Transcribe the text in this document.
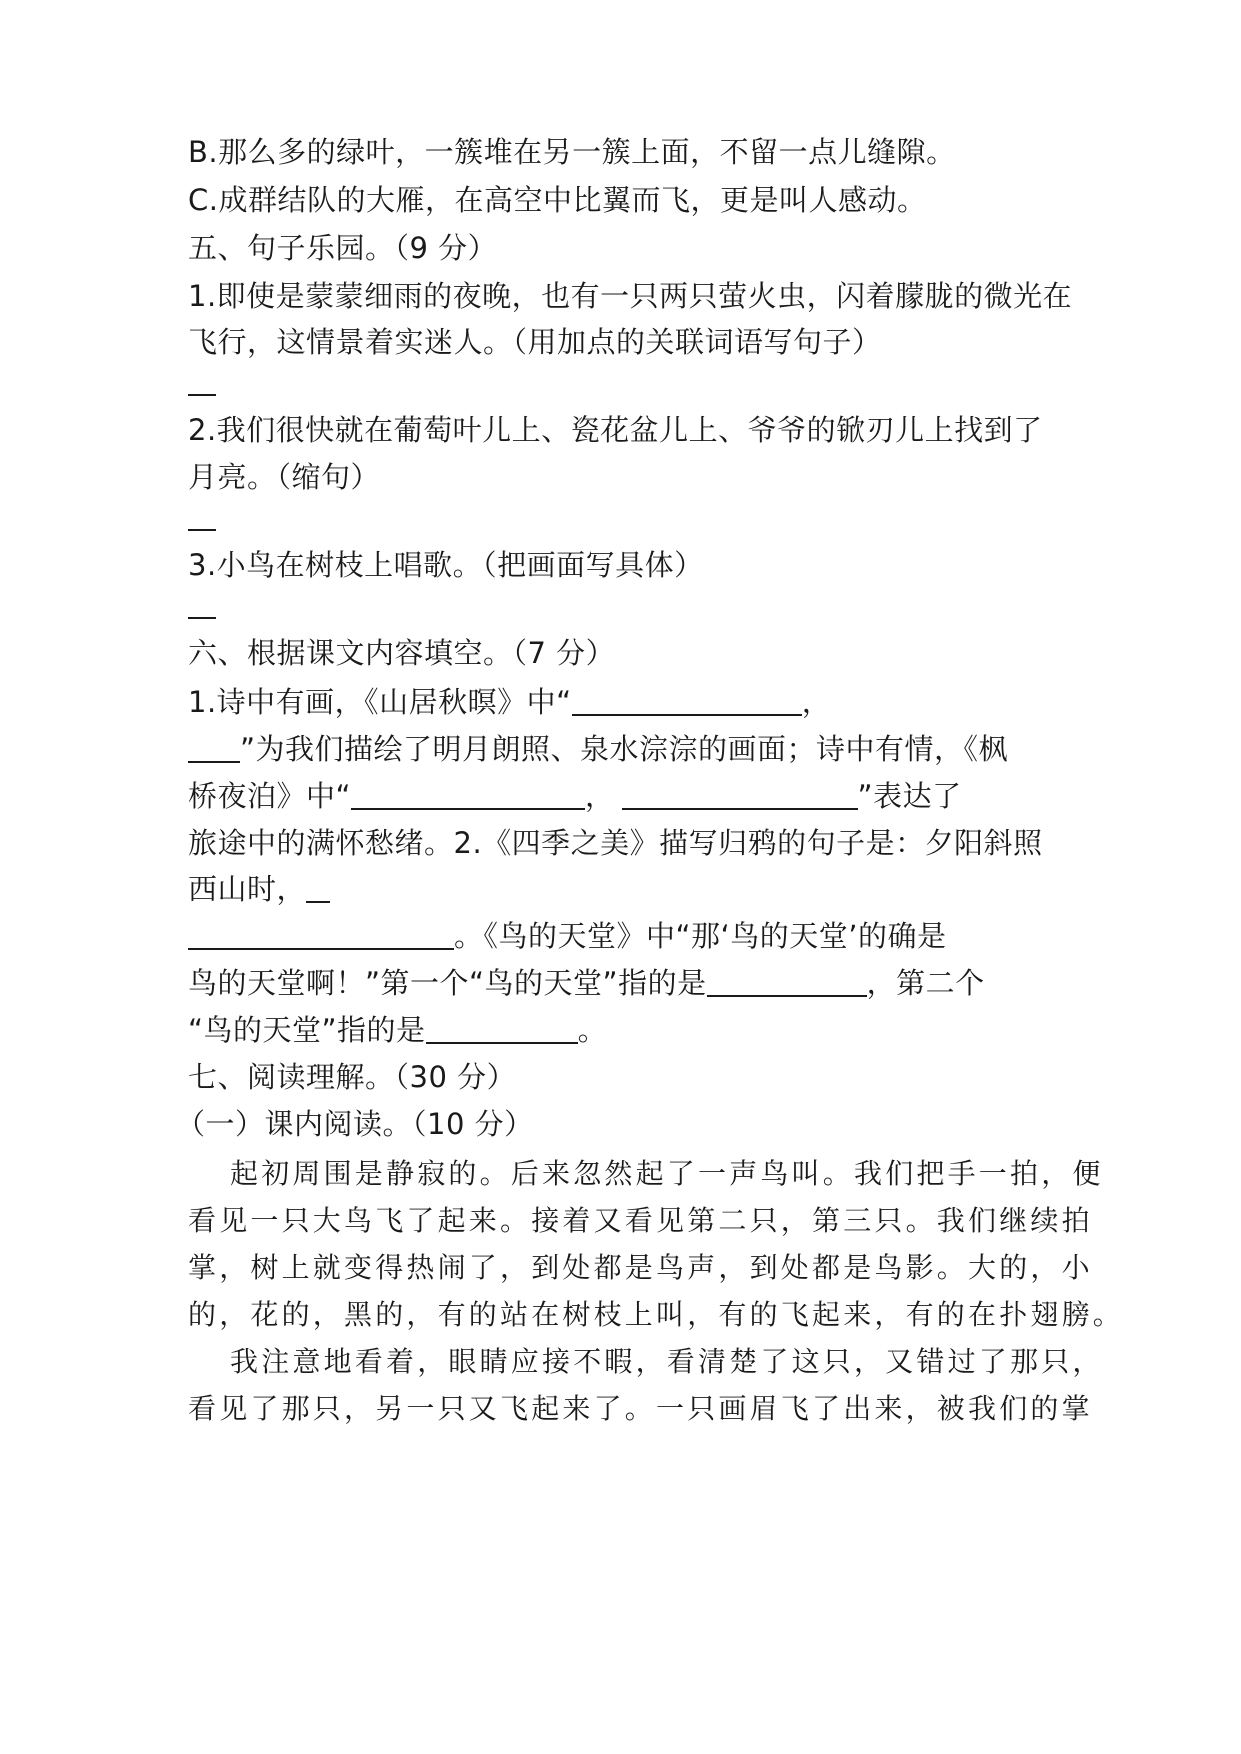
B.那么多的绿叶，一簇堆在另一簇上面，不留一点儿缝隙。
C.成群结队的大雁，在高空中比翼而飞，更是叫人感动。
五、句子乐园。（9 分）
1.即使是蒙蒙细雨的夜晚，也有一只两只萤火虫，闪着朦胧的微光在
飞行，这情景着实迷人。（用加点的关联词语写句子）
2.我们很快就在葡萄叶儿上、瓷花盆儿上、爷爷的锨刃儿上找到了
月亮。（缩句）
3.小鸟在树枝上唱歌。（把画面写具体）
六、根据课文内容填空。（7 分）
1.诗中有画，《山居秋暝》中“	，
”为我们描绘了明月朗照、泉水淙淙的画面；诗中有情，《枫
桥夜泊》中“	，	”表达了
旅途中的满怀愁绪。2.《四季之美》描写归鸦的句子是：夕阳斜照
西山时，
。《鸟的天堂》中“那‘鸟的天堂’的确是
鸟的天堂啊！”第一个“鸟的天堂”指的是	，第二个
“鸟的天堂”指的是	。
七、阅读理解。（30 分）
（一）课内阅读。（10 分）
起初周围是静寂的。后来忽然起了一声鸟叫。我们把手一拍，便
看见一只大鸟飞了起来。接着又看见第二只，第三只。我们继续拍
掌，树上就变得热闹了，到处都是鸟声，到处都是鸟影。大的，小
的，花的，黑的，有的站在树枝上叫，有的飞起来，有的在扑翅膀。
我注意地看着，眼睛应接不暇，看清楚了这只，又错过了那只，
看见了那只，另一只又飞起来了。一只画眉飞了出来，被我们的掌
